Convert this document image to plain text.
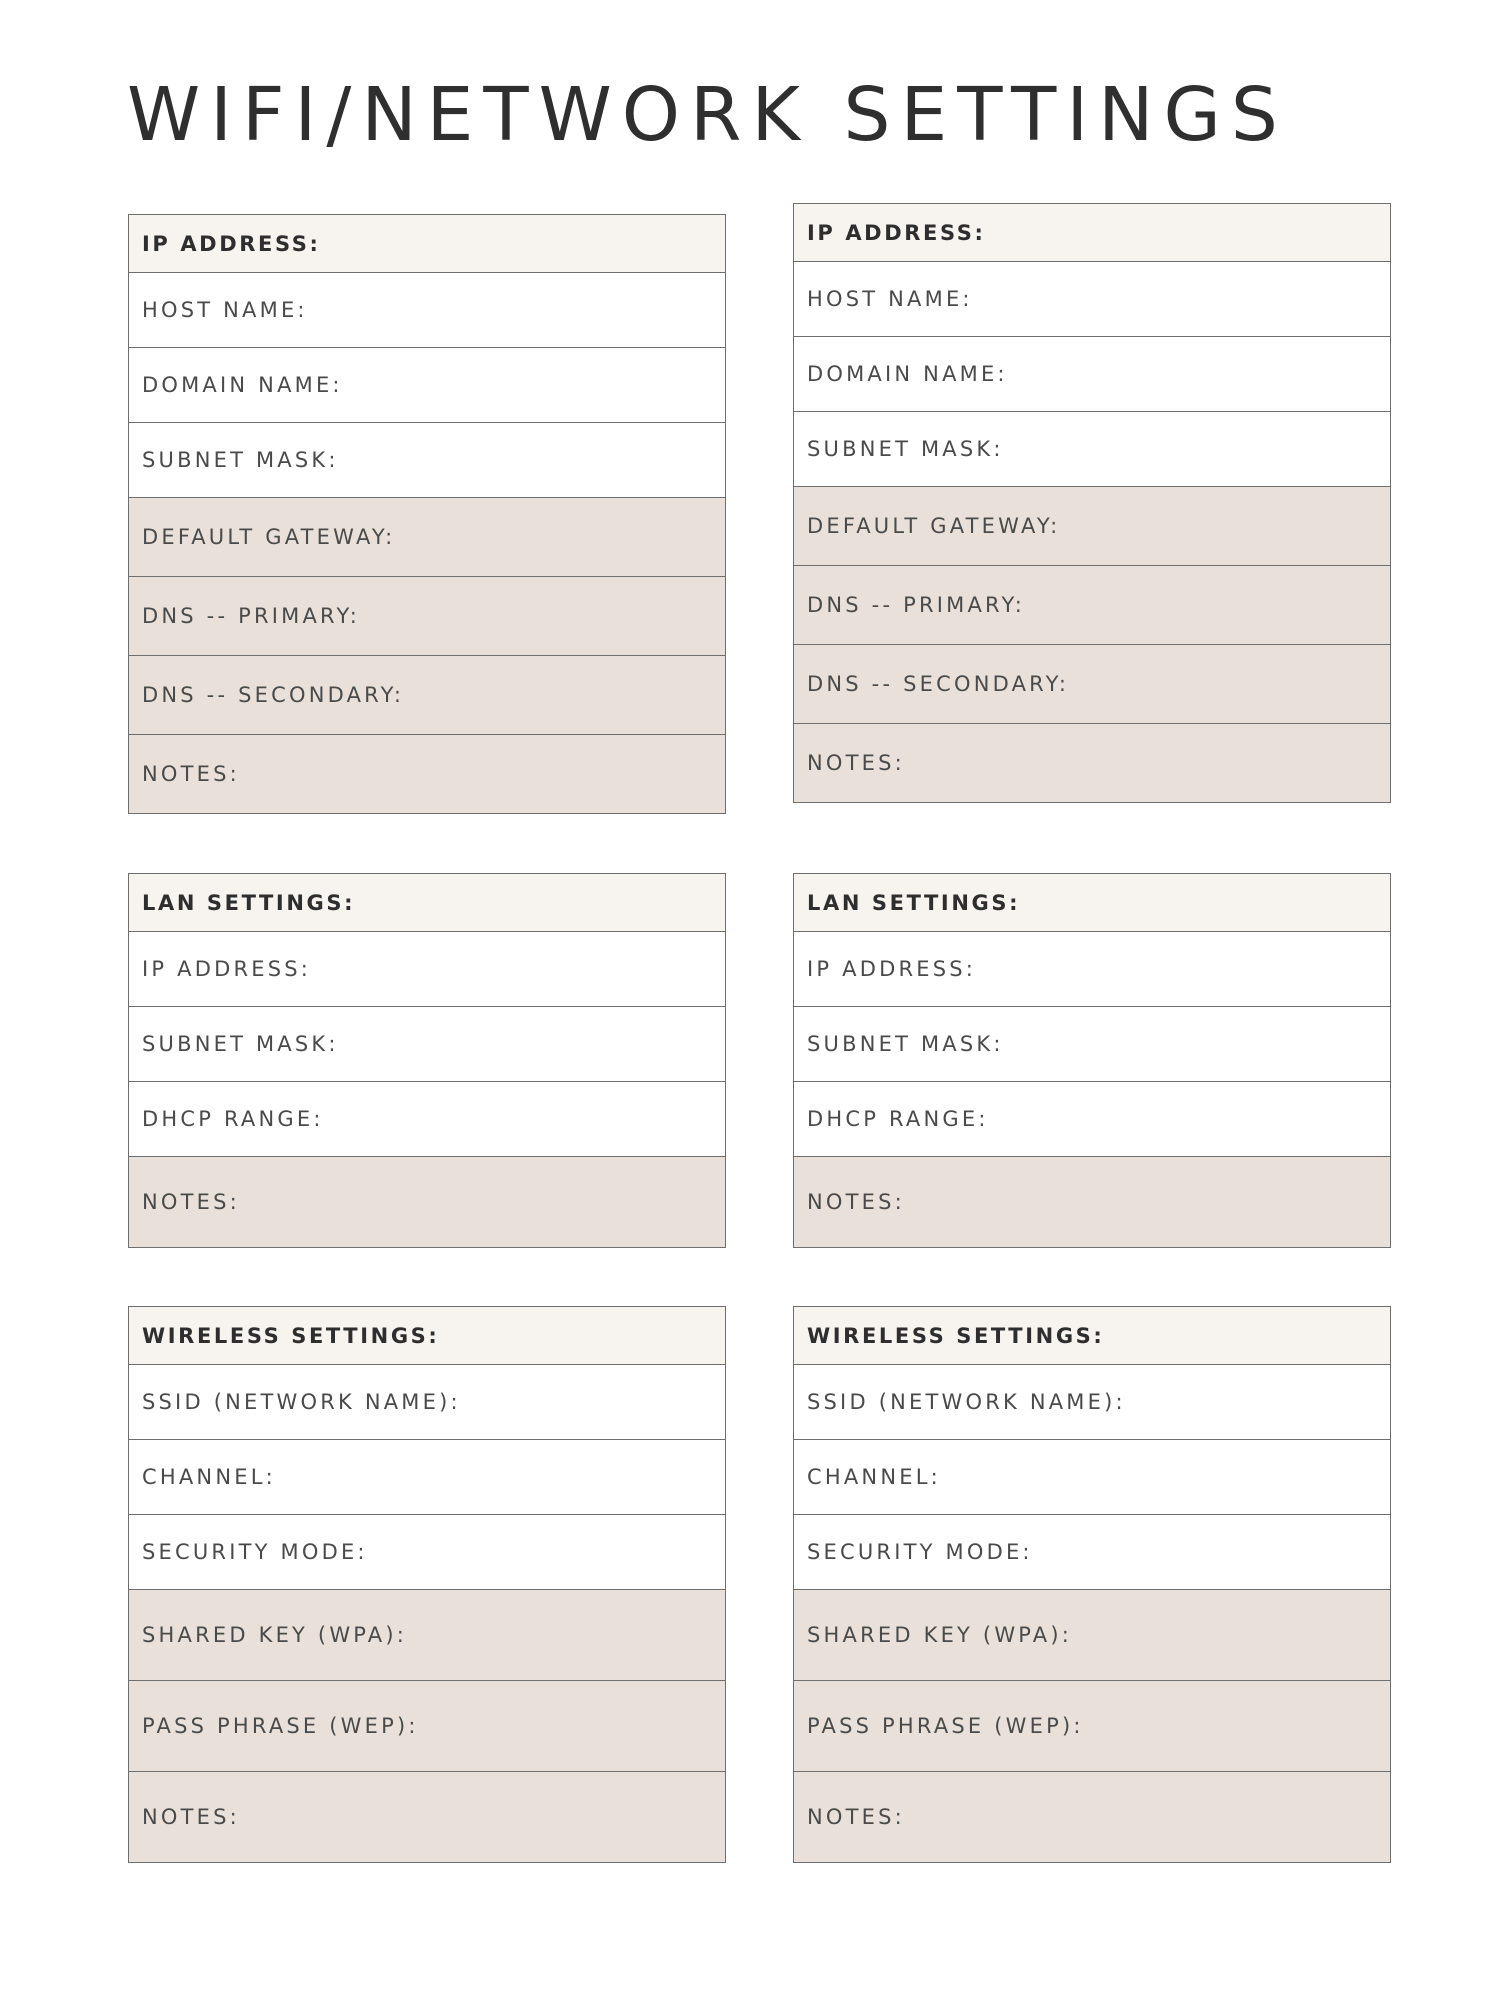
WIFI/NETWORK SETTINGS
IP ADDRESS:
HOST NAME:
DOMAIN NAME:
SUBNET MASK:
DEFAULT GATEWAY:
DNS -- PRIMARY:
DNS -- SECONDARY:
NOTES:
IP ADDRESS:
HOST NAME:
DOMAIN NAME:
SUBNET MASK:
DEFAULT GATEWAY:
DNS -- PRIMARY:
DNS -- SECONDARY:
NOTES:
LAN SETTINGS:
IP ADDRESS:
SUBNET MASK:
DHCP RANGE:
NOTES:
LAN SETTINGS:
IP ADDRESS:
SUBNET MASK:
DHCP RANGE:
NOTES:
WIRELESS SETTINGS:
SSID (NETWORK NAME):
CHANNEL:
SECURITY MODE:
SHARED KEY (WPA):
PASS PHRASE (WEP):
NOTES:
WIRELESS SETTINGS:
SSID (NETWORK NAME):
CHANNEL:
SECURITY MODE:
SHARED KEY (WPA):
PASS PHRASE (WEP):
NOTES:
